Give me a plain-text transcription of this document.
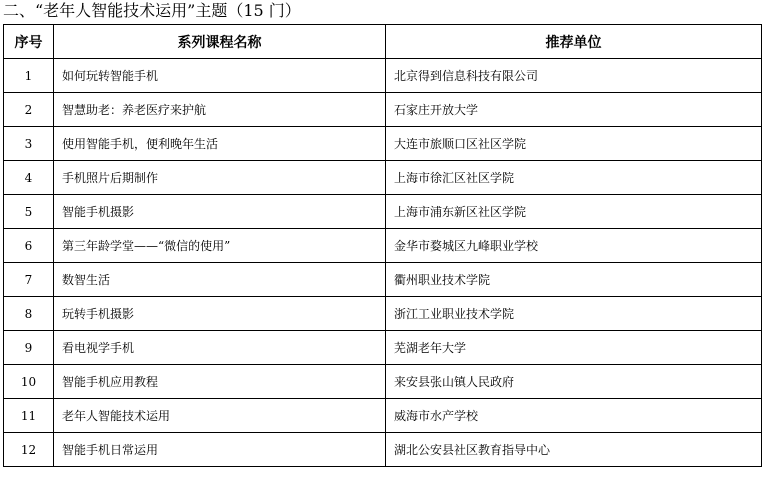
二、“老年人智能技术运用”主题（15 门）
序号	系列课程名称	推荐单位
1	如何玩转智能手机	北京得到信息科技有限公司
2	智慧助老：养老医疗来护航	石家庄开放大学
3	使用智能手机，便利晚年生活	大连市旅顺口区社区学院
4	手机照片后期制作	上海市徐汇区社区学院
5	智能手机摄影	上海市浦东新区社区学院
6	第三年龄学堂——“微信的使用”	金华市婺城区九峰职业学校
7	数智生活	衢州职业技术学院
8	玩转手机摄影	浙江工业职业技术学院
9	看电视学手机	芜湖老年大学
10	智能手机应用教程	来安县张山镇人民政府
11	老年人智能技术运用	威海市水产学校
12	智能手机日常运用	湖北公安县社区教育指导中心
